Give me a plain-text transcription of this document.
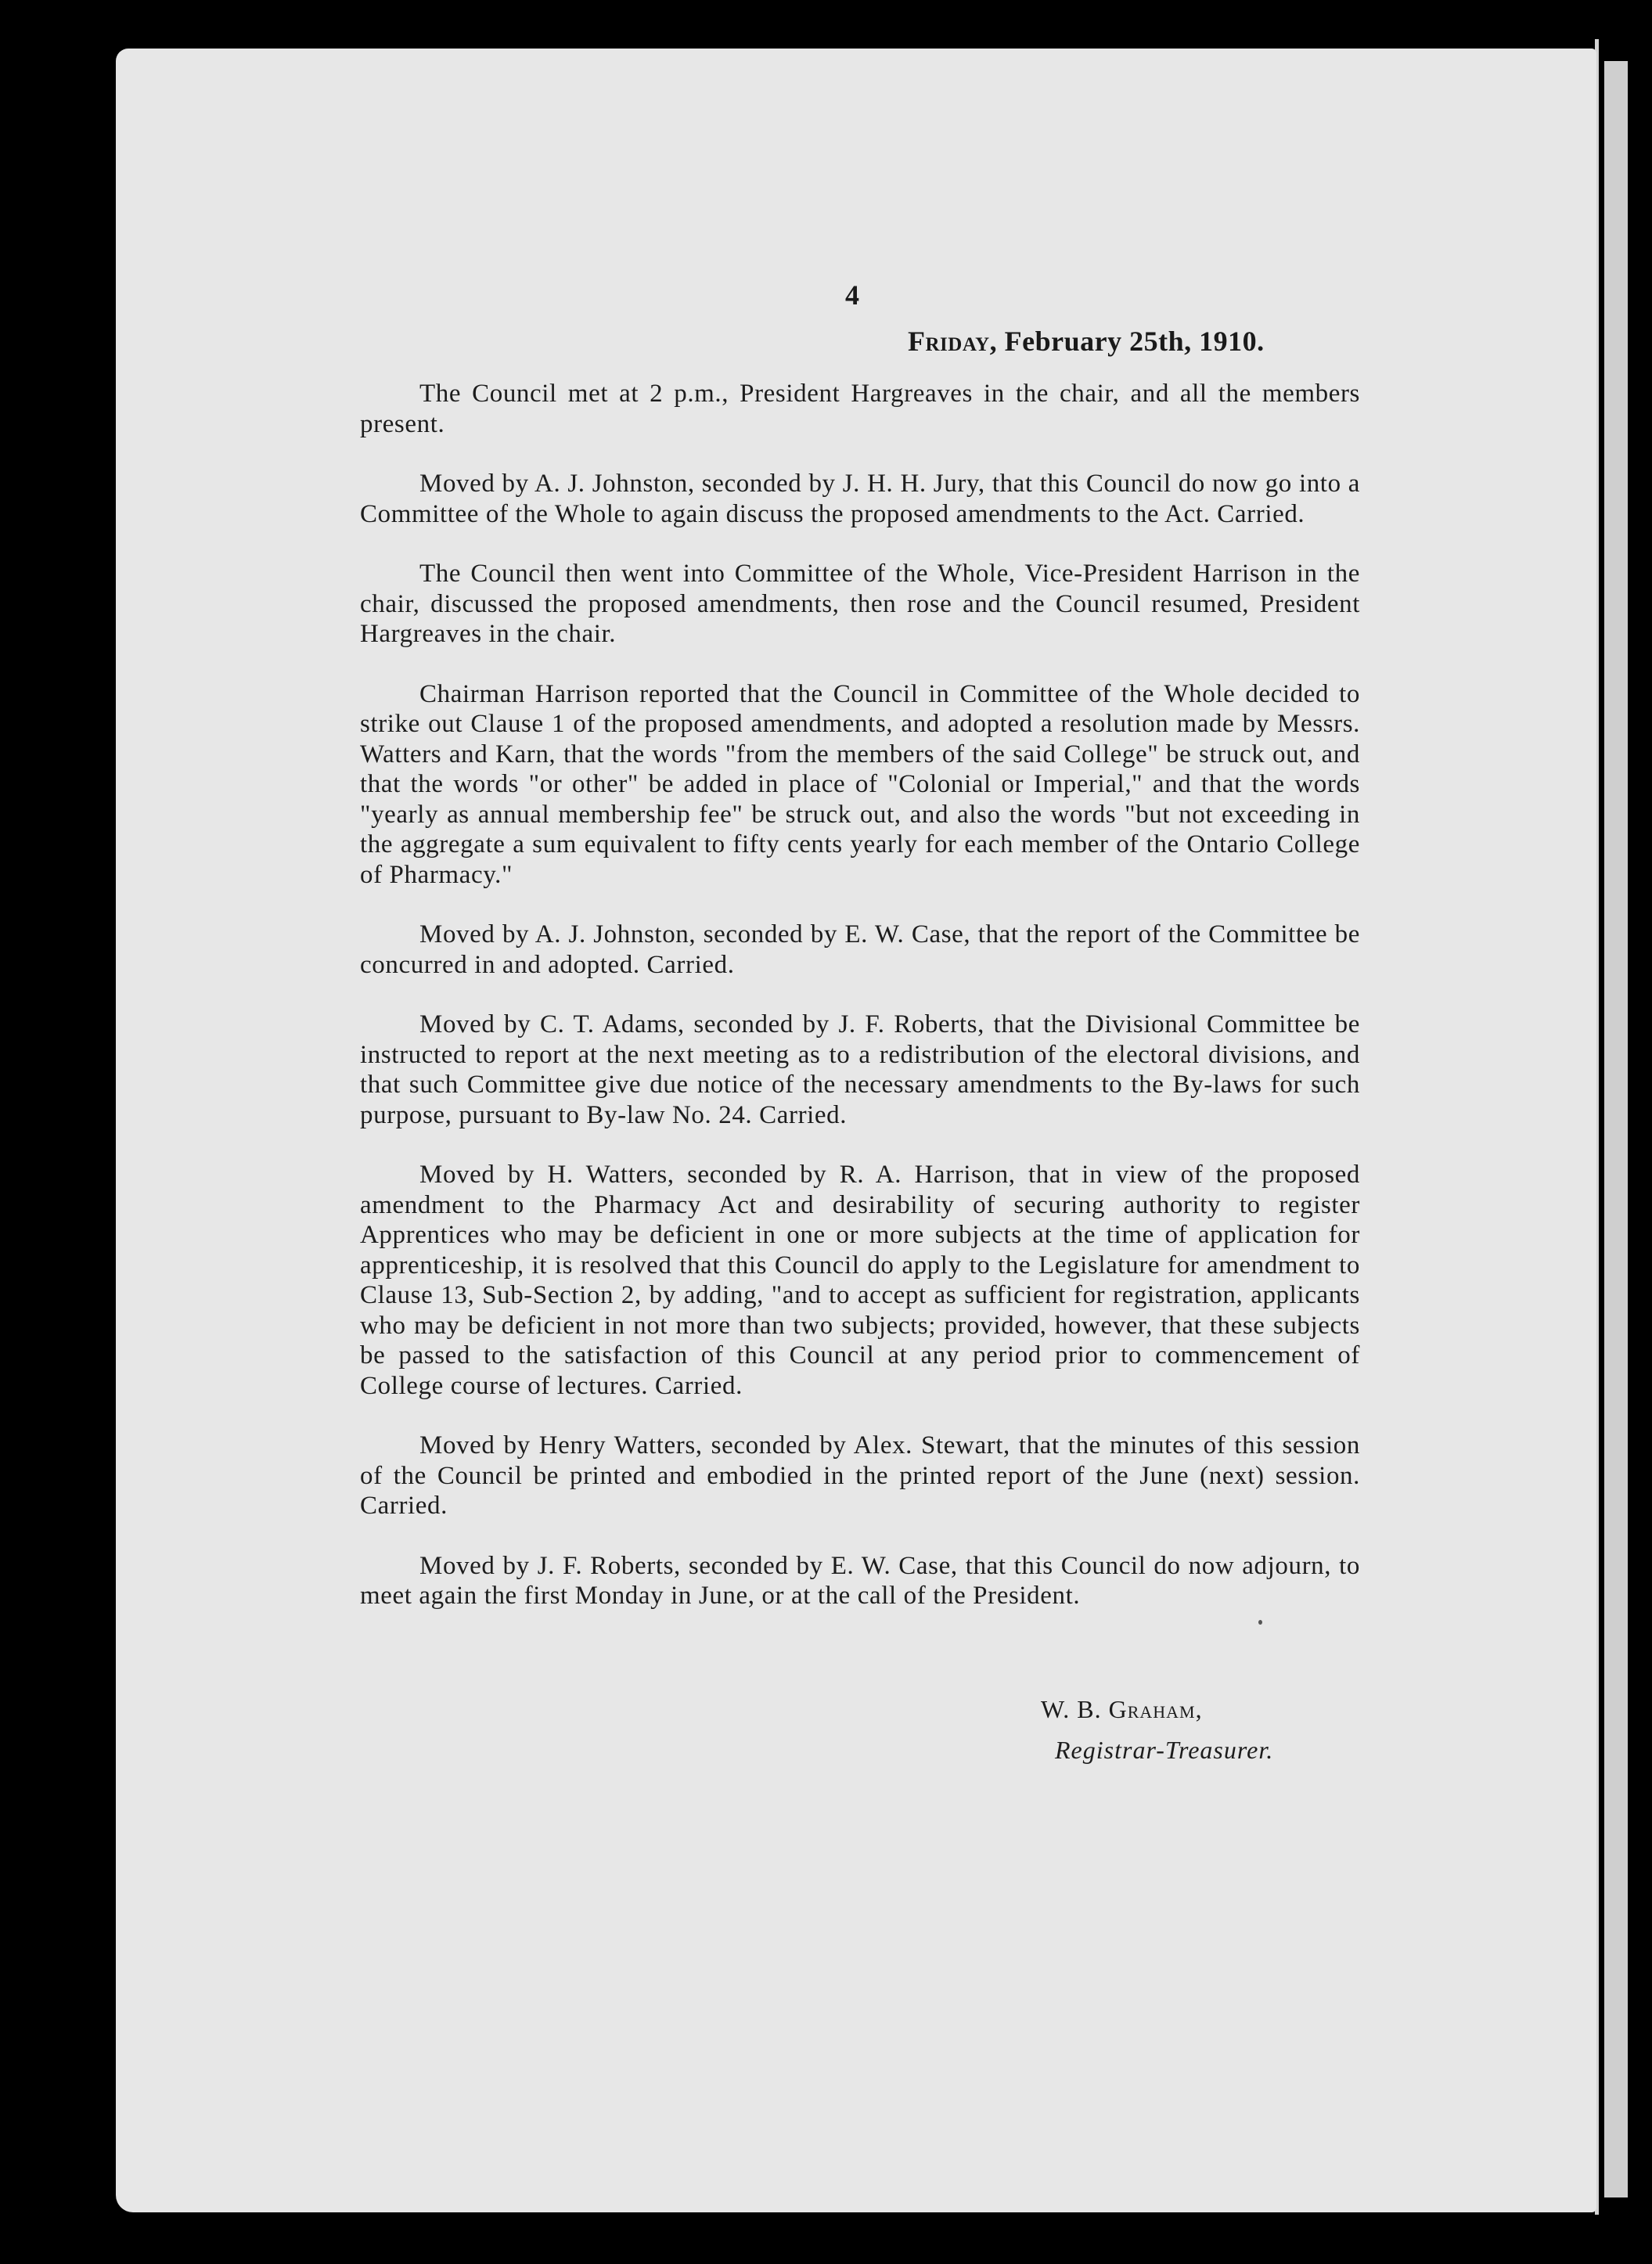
4
Friday, February 25th, 1910.

The Council met at 2 p.m., President Hargreaves in the chair, and all the members present.

Moved by A. J. Johnston, seconded by J. H. H. Jury, that this Council do now go into a Committee of the Whole to again discuss the proposed amendments to the Act. Carried.

The Council then went into Committee of the Whole, Vice-President Harrison in the chair, discussed the proposed amendments, then rose and the Council resumed, President Hargreaves in the chair.

Chairman Harrison reported that the Council in Committee of the Whole decided to strike out Clause 1 of the proposed amendments, and adopted a resolution made by Messrs. Watters and Karn, that the words "from the members of the said College" be struck out, and that the words "or other" be added in place of "Colonial or Imperial," and that the words "yearly as annual membership fee" be struck out, and also the words "but not exceeding in the aggregate a sum equivalent to fifty cents yearly for each member of the Ontario College of Pharmacy."

Moved by A. J. Johnston, seconded by E. W. Case, that the report of the Committee be concurred in and adopted. Carried.

Moved by C. T. Adams, seconded by J. F. Roberts, that the Divisional Committee be instructed to report at the next meeting as to a redistribution of the electoral divisions, and that such Committee give due notice of the necessary amendments to the By-laws for such purpose, pursuant to By-law No. 24. Carried.

Moved by H. Watters, seconded by R. A. Harrison, that in view of the proposed amendment to the Pharmacy Act and desirability of securing authority to register Apprentices who may be deficient in one or more subjects at the time of application for apprenticeship, it is resolved that this Council do apply to the Legislature for amendment to Clause 13, Sub-Section 2, by adding, "and to accept as sufficient for registration, applicants who may be deficient in not more than two subjects; provided, however, that these subjects be passed to the satisfaction of this Council at any period prior to commencement of College course of lectures. Carried.

Moved by Henry Watters, seconded by Alex. Stewart, that the minutes of this session of the Council be printed and embodied in the printed report of the June (next) session. Carried.

Moved by J. F. Roberts, seconded by E. W. Case, that this Council do now adjourn, to meet again the first Monday in June, or at the call of the President.

W. B. Graham,
Registrar-Treasurer.
